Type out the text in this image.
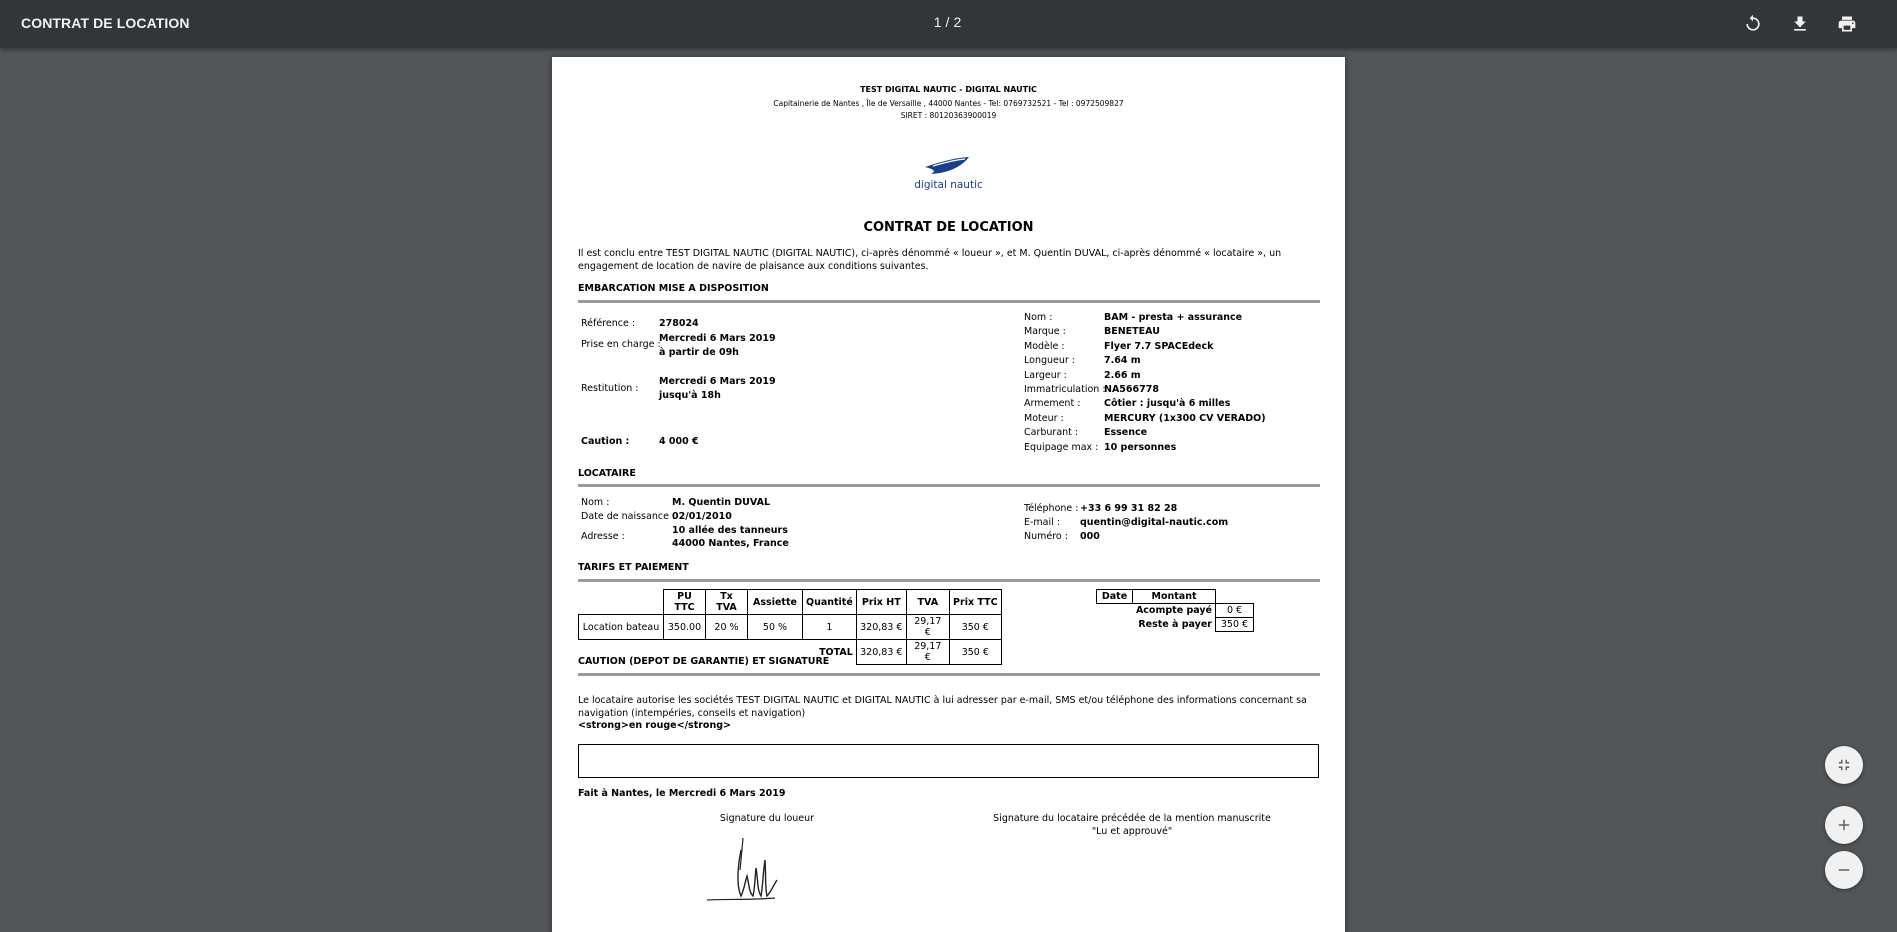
CONTRAT DE LOCATION	1 / 2
TEST DIGITAL NAUTIC - DIGITAL NAUTIC
Capitainerie de Nantes , Île de Versaille , 44000 Nantes - Tel: 0769732521 - Tel : 0972509827
SIRET : 80120363900019
digital nautic
CONTRAT DE LOCATION
Il est conclu entre TEST DIGITAL NAUTIC (DIGITAL NAUTIC), ci-après dénommé « loueur », et M. Quentin DUVAL, ci-après dénommé « locataire », un engagement de location de navire de plaisance aux conditions suivantes.
EMBARCATION MISE A DISPOSITION
Référence :	278024
Prise en charge :
Mercredi 6 Mars 2019
à partir de 09h
Restitution :
Mercredi 6 Mars 2019
jusqu'à 18h
Caution :	4 000 €
Nom :	BAM - presta + assurance
Marque :	BENETEAU
Modèle :	Flyer 7.7 SPACEdeck
Longueur :	7.64 m
Largeur :	2.66 m
Immatriculation :
NA566778
Armement : Côtier : jusqu'à 6 milles
Moteur :	MERCURY (1x300 CV VERADO)
Carburant :	Essence
Equipage max : 10 personnes
LOCATAIRE
Nom :	M. Quentin DUVAL
Date de naissance :
02/01/2010
Adresse :
10 allée des tanneurs
44000 Nantes, France
Téléphone : +33 6 99 31 82 28
E-mail : quentin@digital-nautic.com
Numéro : 000
TARIFS ET PAIEMENT
	PU TTC	Tx TVA	Assiette	Quantité	Prix HT	TVA	Prix TTC
Location bateau	350.00	20 %	50 %	1	320,83 €	29,17 €	350 €
				TOTAL	320,83 €	29,17 €	350 €
Date	Montant	
Acompte payé		0 €
Reste à payer		350 €
CAUTION (DEPOT DE GARANTIE) ET SIGNATURE
Le locataire autorise les sociétés TEST DIGITAL NAUTIC et DIGITAL NAUTIC à lui adresser par e-mail, SMS et/ou téléphone des informations concernant sa navigation (intempéries, conseils et navigation)
<strong>en rouge</strong>
Fait à Nantes, le Mercredi 6 Mars 2019
Signature du loueur	Signature du locataire précédée de la mention manuscrite
"Lu et approuvé"
